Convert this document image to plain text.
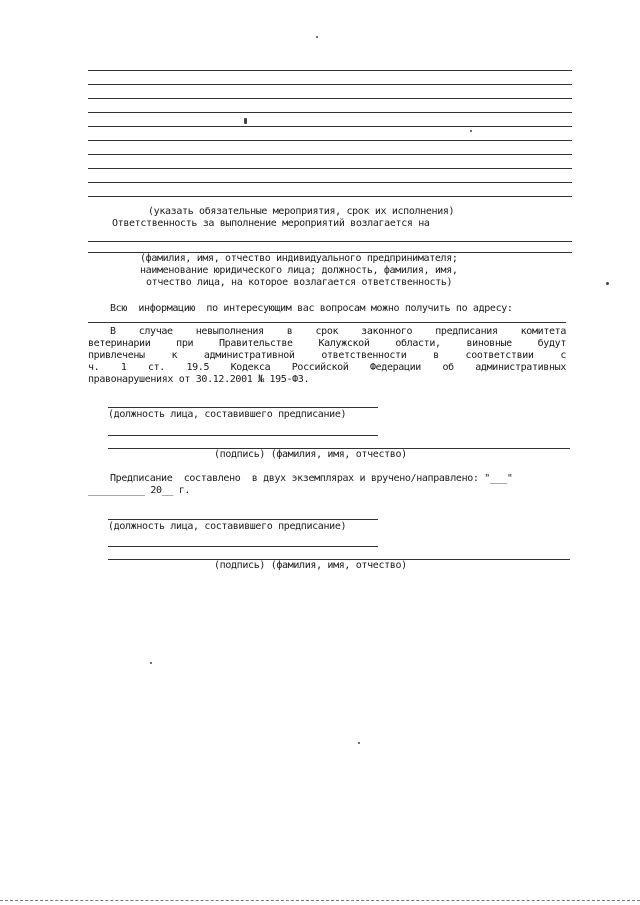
(указать обязательные мероприятия, срок их исполнения)
Ответственность за выполнение мероприятий возлагается на
(фамилия, имя, отчество индивидуального предпринимателя;
наименование юридического лица; должность, фамилия, имя,
отчество лица, на которое возлагается ответственность)
Всю  информацию  по интересующим вас вопросам можно получить по адресу:
В случае невыполнения в срок законного предписания комитета
ветеринарии при Правительстве Калужской области, виновные будут
привлечены к административной ответственности в соответствии с
ч. 1 ст. 19.5 Кодекса Российской Федерации об административных
правонарушениях от 30.12.2001 № 195-ФЗ.
(должность лица, составившего предписание)
(подпись) (фамилия, имя, отчество)
Предписание  составлено  в двух экземплярах и вручено/направлено: "___"
__________ 20__ г.
(должность лица, составившего предписание)
(подпись) (фамилия, имя, отчество)
